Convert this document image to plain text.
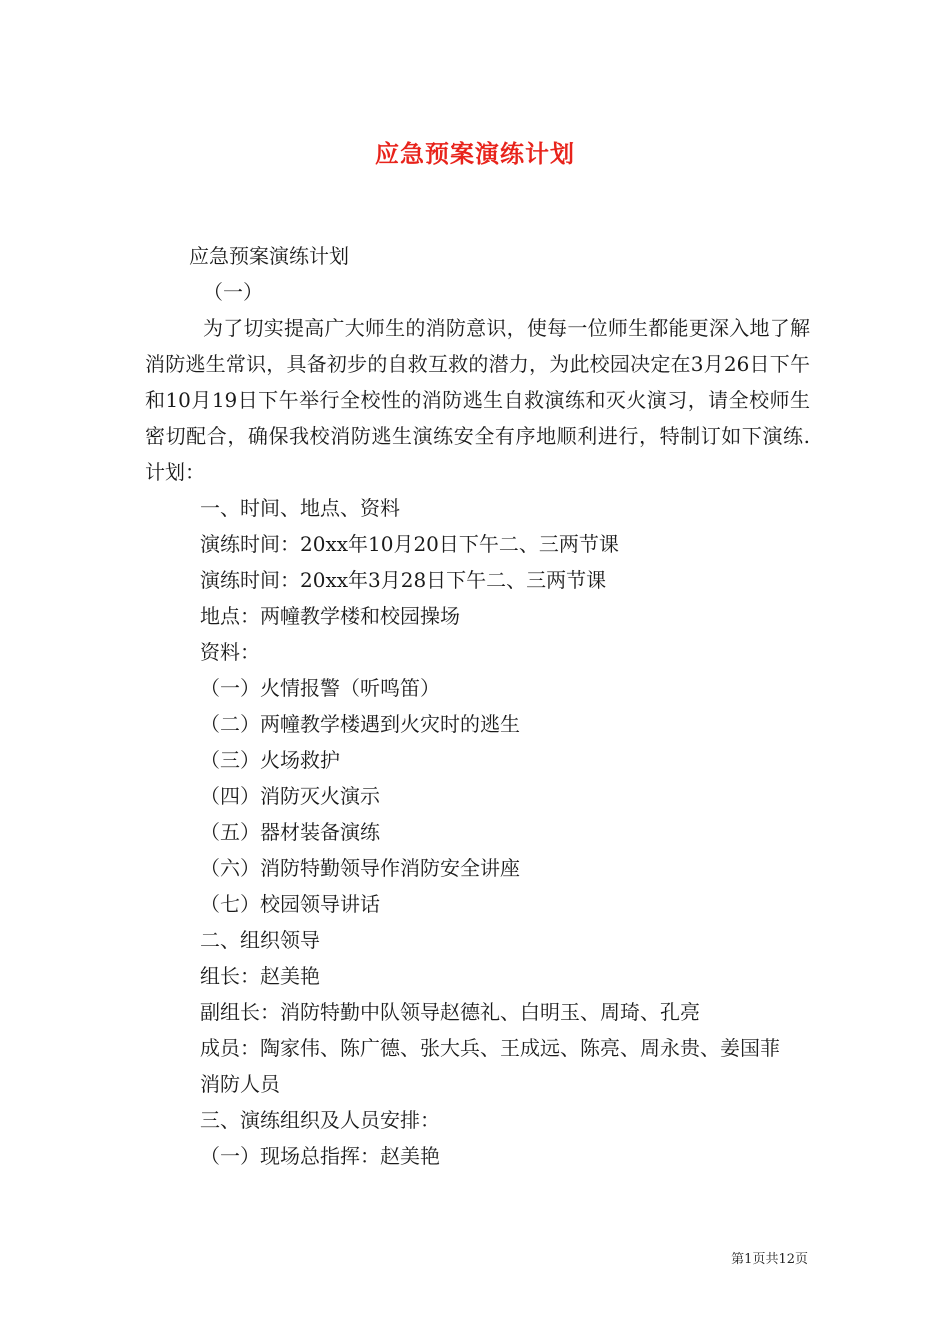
应急预案演练计划

应急预案演练计划

（一）

为了切实提高广大师生的消防意识，使每一位师生都能更深入地了解消防逃生常识，具备初步的自救互救的潜力，为此校园决定在3月26日下午和10月19日下午举行全校性的消防逃生自救演练和灭火演习，请全校师生密切配合，确保我校消防逃生演练安全有序地顺利进行，特制订如下演练.计划：

一、时间、地点、资料

演练时间：20xx年10月20日下午二、三两节课

演练时间：20xx年3月28日下午二、三两节课

地点：两幢教学楼和校园操场

资料：

（一）火情报警（听鸣笛）

（二）两幢教学楼遇到火灾时的逃生

（三）火场救护

（四）消防灭火演示

（五）器材装备演练

（六）消防特勤领导作消防安全讲座

（七）校园领导讲话

二、组织领导

组长：赵美艳

副组长：消防特勤中队领导赵德礼、白明玉、周琦、孔亮

成员：陶家伟、陈广德、张大兵、王成远、陈亮、周永贵、姜国菲

消防人员

三、演练组织及人员安排：

（一）现场总指挥：赵美艳

第1页共12页
